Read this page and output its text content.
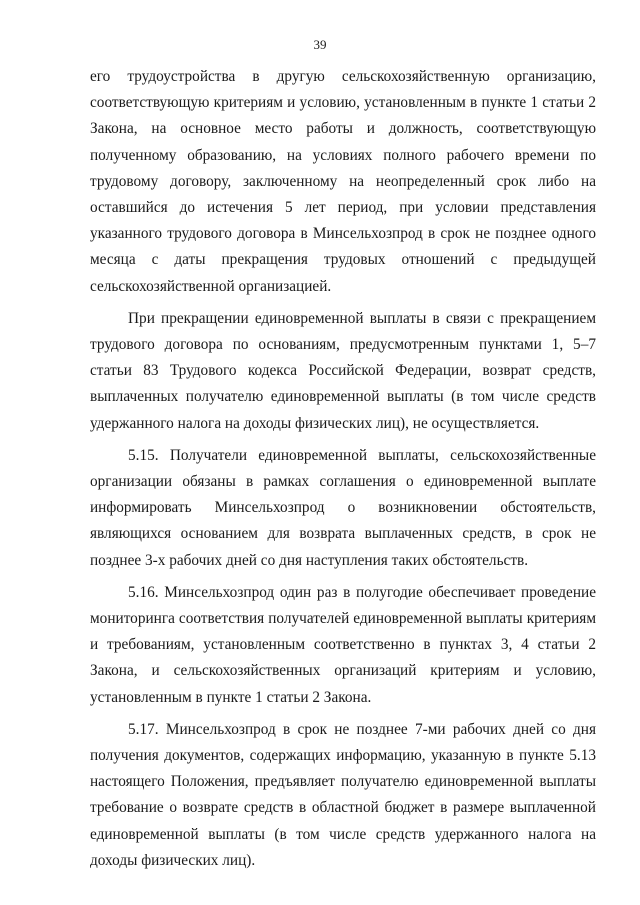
39

его трудоустройства в другую сельскохозяйственную организацию, соответствующую критериям и условию, установленным в пункте 1 статьи 2 Закона, на основное место работы и должность, соответствующую полученному образованию, на условиях полного рабочего времени по трудовому договору, заключенному на неопределенный срок либо на оставшийся до истечения 5 лет период, при условии представления указанного трудового договора в Минсельхозпрод в срок не позднее одного месяца с даты прекращения трудовых отношений с предыдущей сельскохозяйственной организацией.

При прекращении единовременной выплаты в связи с прекращением трудового договора по основаниям, предусмотренным пунктами 1, 5–7 статьи 83 Трудового кодекса Российской Федерации, возврат средств, выплаченных получателю единовременной выплаты (в том числе средств удержанного налога на доходы физических лиц), не осуществляется.

5.15. Получатели единовременной выплаты, сельскохозяйственные организации обязаны в рамках соглашения о единовременной выплате информировать Минсельхозпрод о возникновении обстоятельств, являющихся основанием для возврата выплаченных средств, в срок не позднее 3-х рабочих дней со дня наступления таких обстоятельств.

5.16. Минсельхозпрод один раз в полугодие обеспечивает проведение мониторинга соответствия получателей единовременной выплаты критериям и требованиям, установленным соответственно в пунктах 3, 4 статьи 2 Закона, и сельскохозяйственных организаций критериям и условию, установленным в пункте 1 статьи 2 Закона.

5.17. Минсельхозпрод в срок не позднее 7-ми рабочих дней со дня получения документов, содержащих информацию, указанную в пункте 5.13 настоящего Положения, предъявляет получателю единовременной выплаты требование о возврате средств в областной бюджет в размере выплаченной единовременной выплаты (в том числе средств удержанного налога на доходы физических лиц).
